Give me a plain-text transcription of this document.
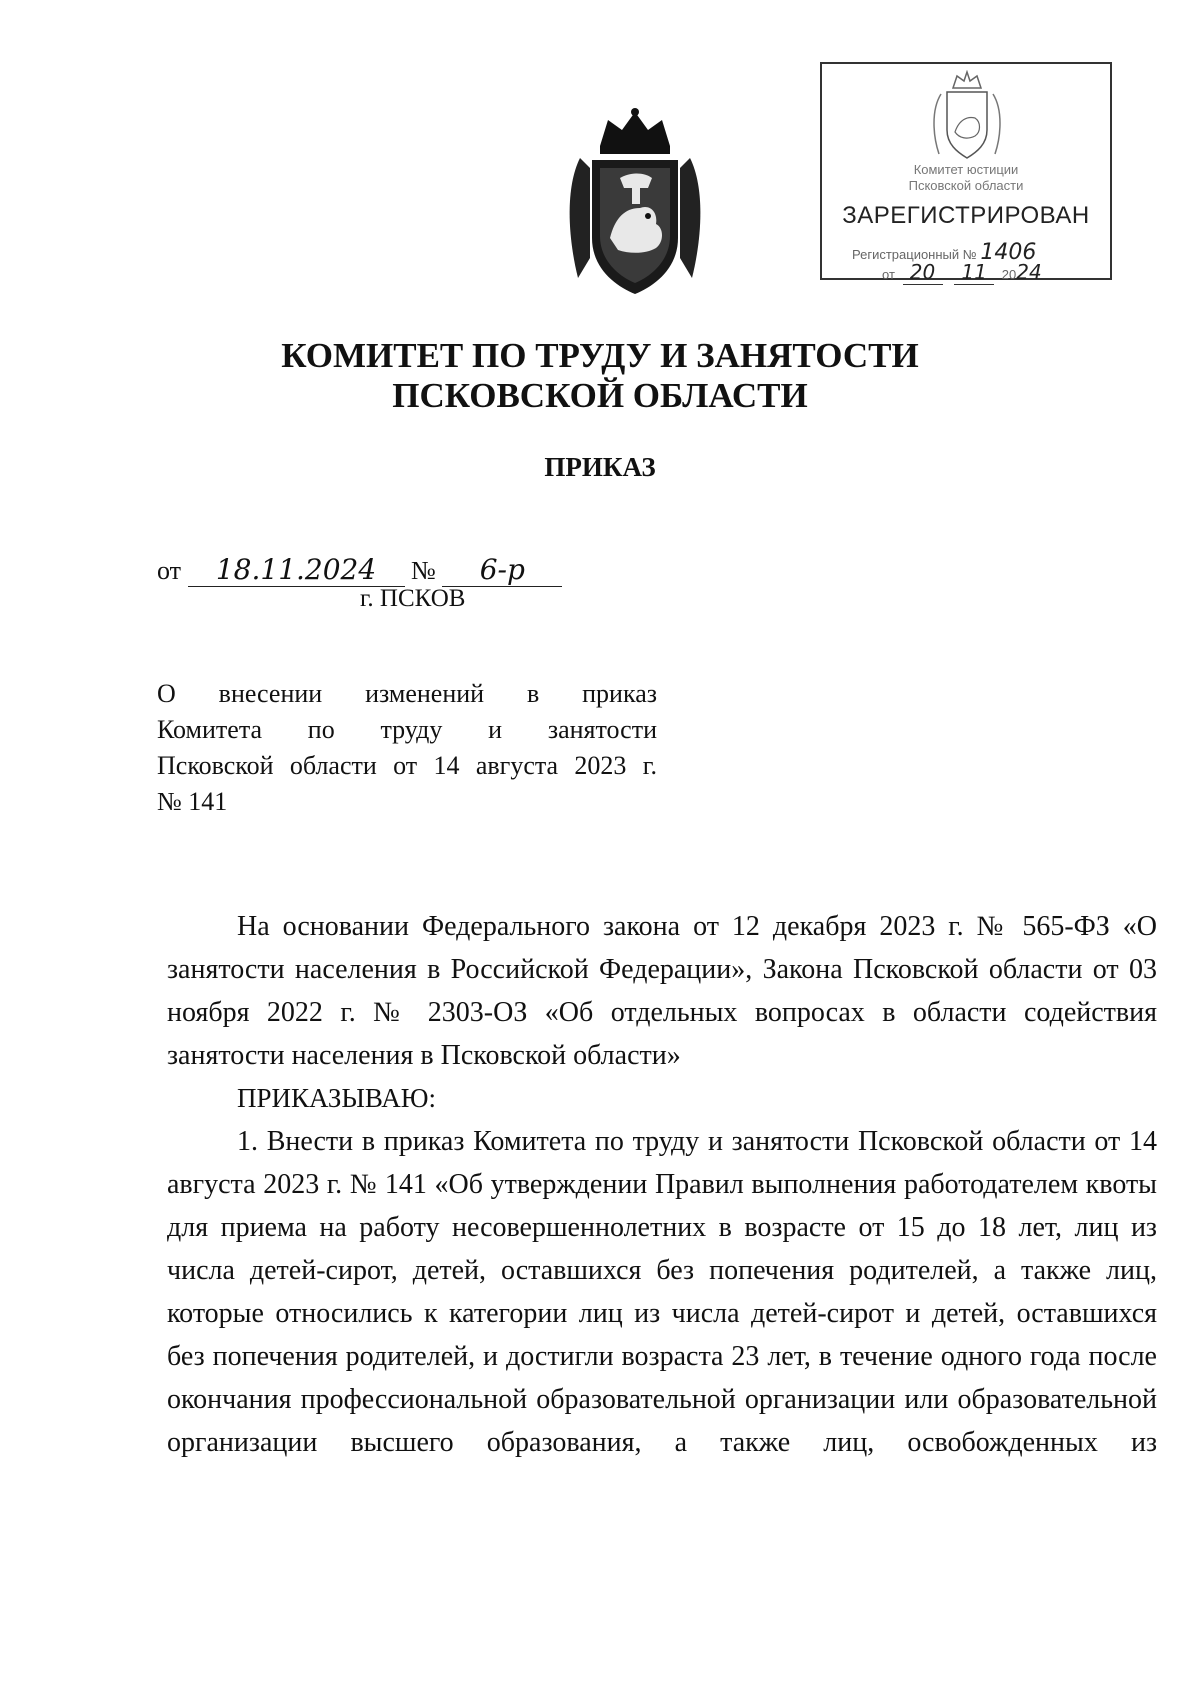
Комитет юстиции
Псковской области
ЗАРЕГИСТРИРОВАН
Регистрационный № 1406
от 20 11 2024
КОМИТЕТ ПО ТРУДУ И ЗАНЯТОСТИ
ПСКОВСКОЙ ОБЛАСТИ
ПРИКАЗ
от 18.11.2024 № 6-р
г. ПСКОВ
О внесении изменений в приказ
Комитета по труду и занятости
Псковской области от 14 августа 2023 г.
№ 141

На основании Федерального закона от 12 декабря 2023 г. № 565-ФЗ «О занятости населения в Российской Федерации», Закона Псковской области от 03 ноября 2022 г. № 2303-ОЗ «Об отдельных вопросах в области содействия занятости населения в Псковской области»

ПРИКАЗЫВАЮ:

1. Внести в приказ Комитета по труду и занятости Псковской области от 14 августа 2023 г. № 141 «Об утверждении Правил выполнения работодателем квоты для приема на работу несовершеннолетних в возрасте от 15 до 18 лет, лиц из числа детей-сирот, детей, оставшихся без попечения родителей, а также лиц, которые относились к категории лиц из числа детей-сирот и детей, оставшихся без попечения родителей, и достигли возраста 23 лет, в течение одного года после окончания профессиональной образовательной организации или образовательной организации высшего образования, а также лиц, освобожденных из
